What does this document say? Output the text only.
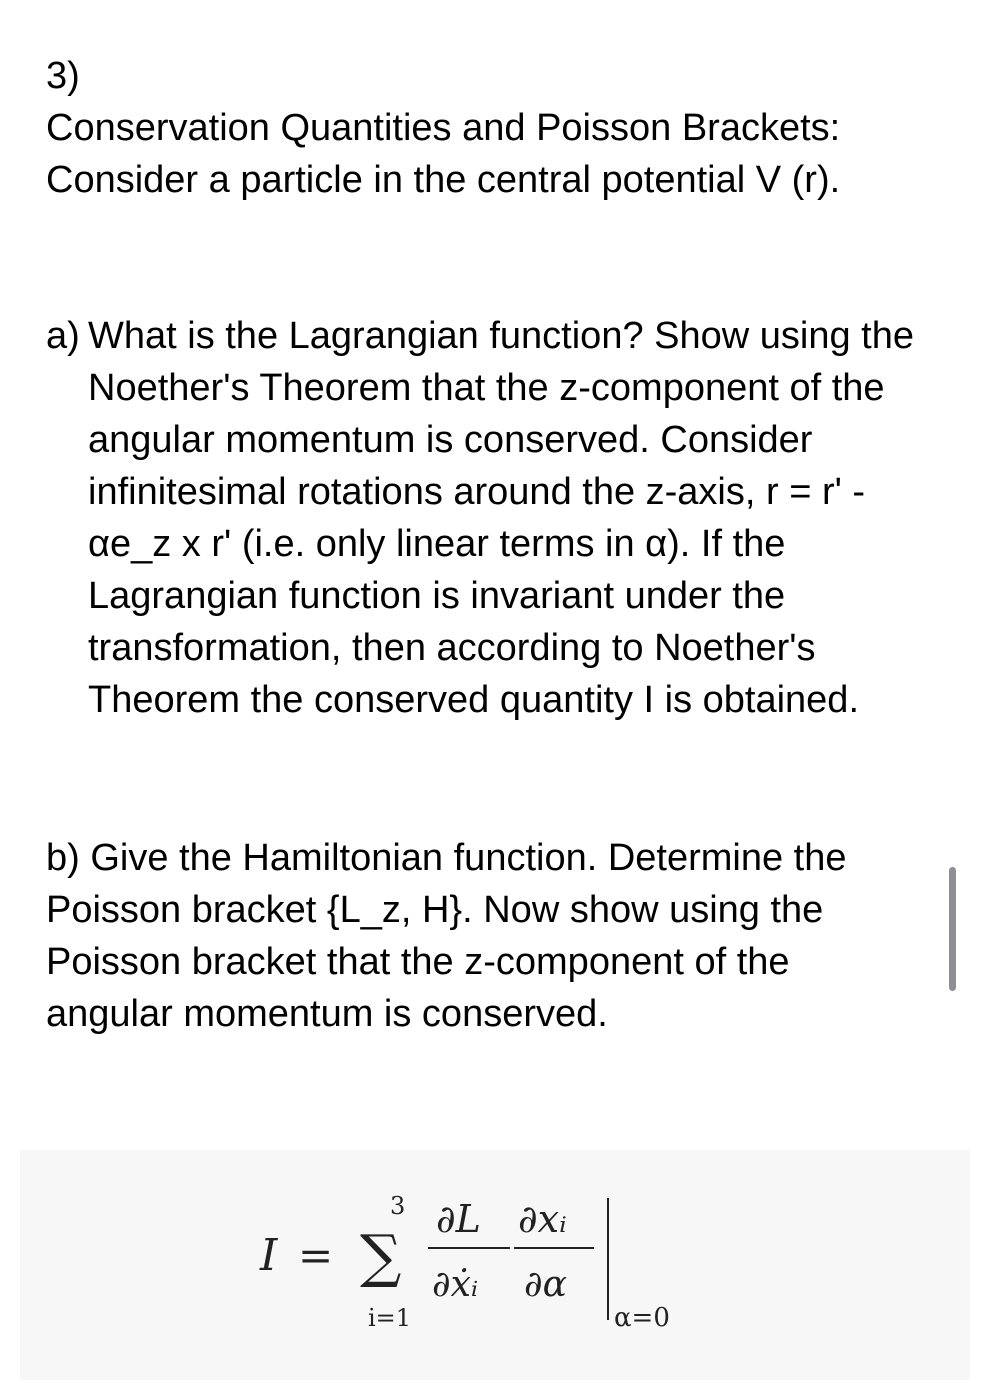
3)

Conservation Quantities and Poisson Brackets: Consider a particle in the central potential V (r).

a) What is the Lagrangian function? Show using the Noether's Theorem that the z-component of the angular momentum is conserved. Consider infinitesimal rotations around the z-axis, r = r' - αe_z x r' (i.e. only linear terms in α). If the Lagrangian function is invariant under the transformation, then according to Noether's Theorem the conserved quantity I is obtained.

b) Give the Hamiltonian function. Determine the Poisson bracket {L_z, H}. Now show using the Poisson bracket that the z-component of the angular momentum is conserved.

I = ∑
3
i=1
∂L
∂ẋᵢ
∂xᵢ
∂α
α=0
